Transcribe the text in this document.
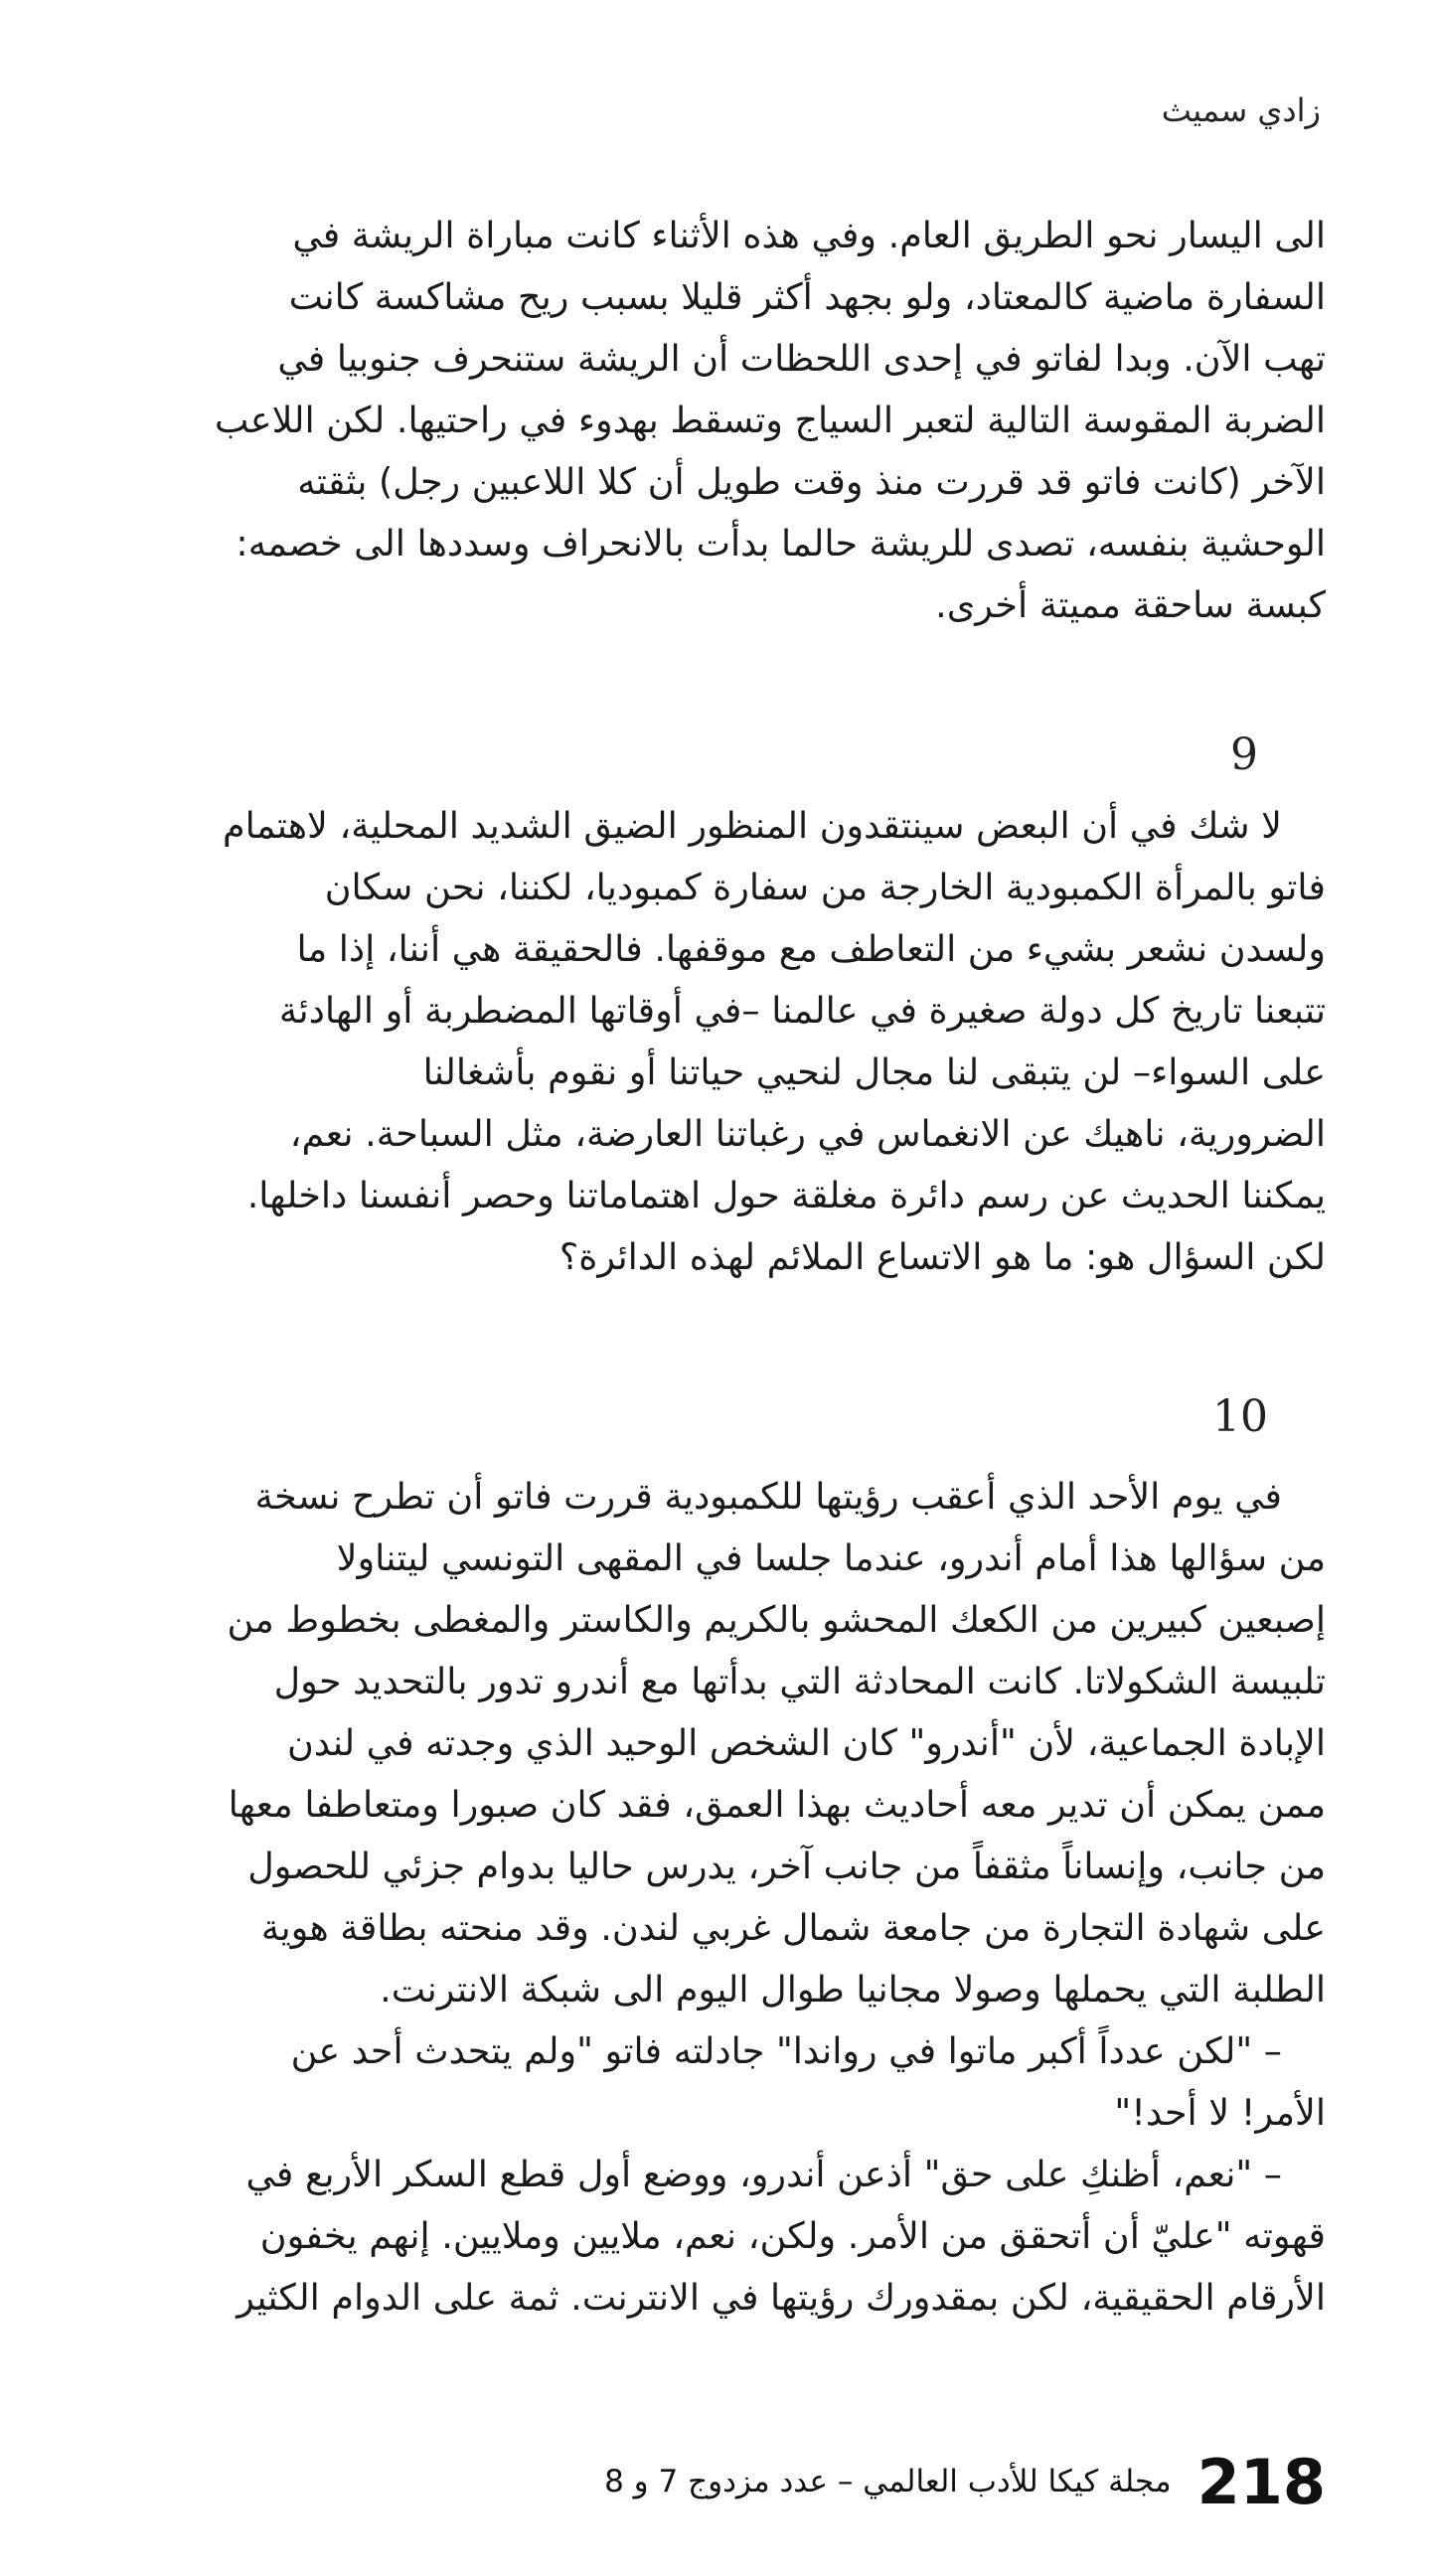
زادي سميث

الى اليسار نحو الطريق العام. وفي هذه الأثناء كانت مباراة الريشة في

السفارة ماضية كالمعتاد، ولو بجهد أكثر قليلا بسبب ريح مشاكسة كانت

تهب الآن. وبدا لفاتو في إحدى اللحظات أن الريشة ستنحرف جنوبيا في

الضربة المقوسة التالية لتعبر السياج وتسقط بهدوء في راحتيها. لكن اللاعب

الآخر (كانت فاتو قد قررت منذ وقت طويل أن كلا اللاعبين رجل) بثقته

الوحشية بنفسه، تصدى للريشة حالما بدأت بالانحراف وسددها الى خصمه:

كبسة ساحقة مميتة أخرى.

9

لا شك في أن البعض سينتقدون المنظور الضيق الشديد المحلية، لاهتمام

فاتو بالمرأة الكمبودية الخارجة من سفارة كمبوديا، لكننا، نحن سكان

ولسدن نشعر بشيء من التعاطف مع موقفها. فالحقيقة هي أننا، إذا ما

تتبعنا تاريخ كل دولة صغيرة في عالمنا –في أوقاتها المضطربة أو الهادئة

على السواء– لن يتبقى لنا مجال لنحيي حياتنا أو نقوم بأشغالنا

الضرورية، ناهيك عن الانغماس في رغباتنا العارضة، مثل السباحة. نعم،

يمكننا الحديث عن رسم دائرة مغلقة حول اهتماماتنا وحصر أنفسنا داخلها.

لكن السؤال هو: ما هو الاتساع الملائم لهذه الدائرة؟

10

في يوم الأحد الذي أعقب رؤيتها للكمبودية قررت فاتو أن تطرح نسخة

من سؤالها هذا أمام أندرو، عندما جلسا في المقهى التونسي ليتناولا

إصبعين كبيرين من الكعك المحشو بالكريم والكاستر والمغطى بخطوط من

تلبيسة الشكولاتا. كانت المحادثة التي بدأتها مع أندرو تدور بالتحديد حول

الإبادة الجماعية، لأن "أندرو" كان الشخص الوحيد الذي وجدته في لندن

ممن يمكن أن تدير معه أحاديث بهذا العمق، فقد كان صبورا ومتعاطفا معها

من جانب، وإنساناً مثقفاً من جانب آخر، يدرس حاليا بدوام جزئي للحصول

على شهادة التجارة من جامعة شمال غربي لندن. وقد منحته بطاقة هوية

الطلبة التي يحملها وصولا مجانيا طوال اليوم الى شبكة الانترنت.

– "لكن عدداً أكبر ماتوا في رواندا" جادلته فاتو "ولم يتحدث أحد عن

الأمر! لا أحد!"

– "نعم، أظنكِ على حق" أذعن أندرو، ووضع أول قطع السكر الأربع في

قهوته "عليّ أن أتحقق من الأمر. ولكن، نعم، ملايين وملايين. إنهم يخفون

الأرقام الحقيقية، لكن بمقدورك رؤيتها في الانترنت. ثمة على الدوام الكثير

218
مجلة كيكا للأدب العالمي – عدد مزدوج 7 و 8
